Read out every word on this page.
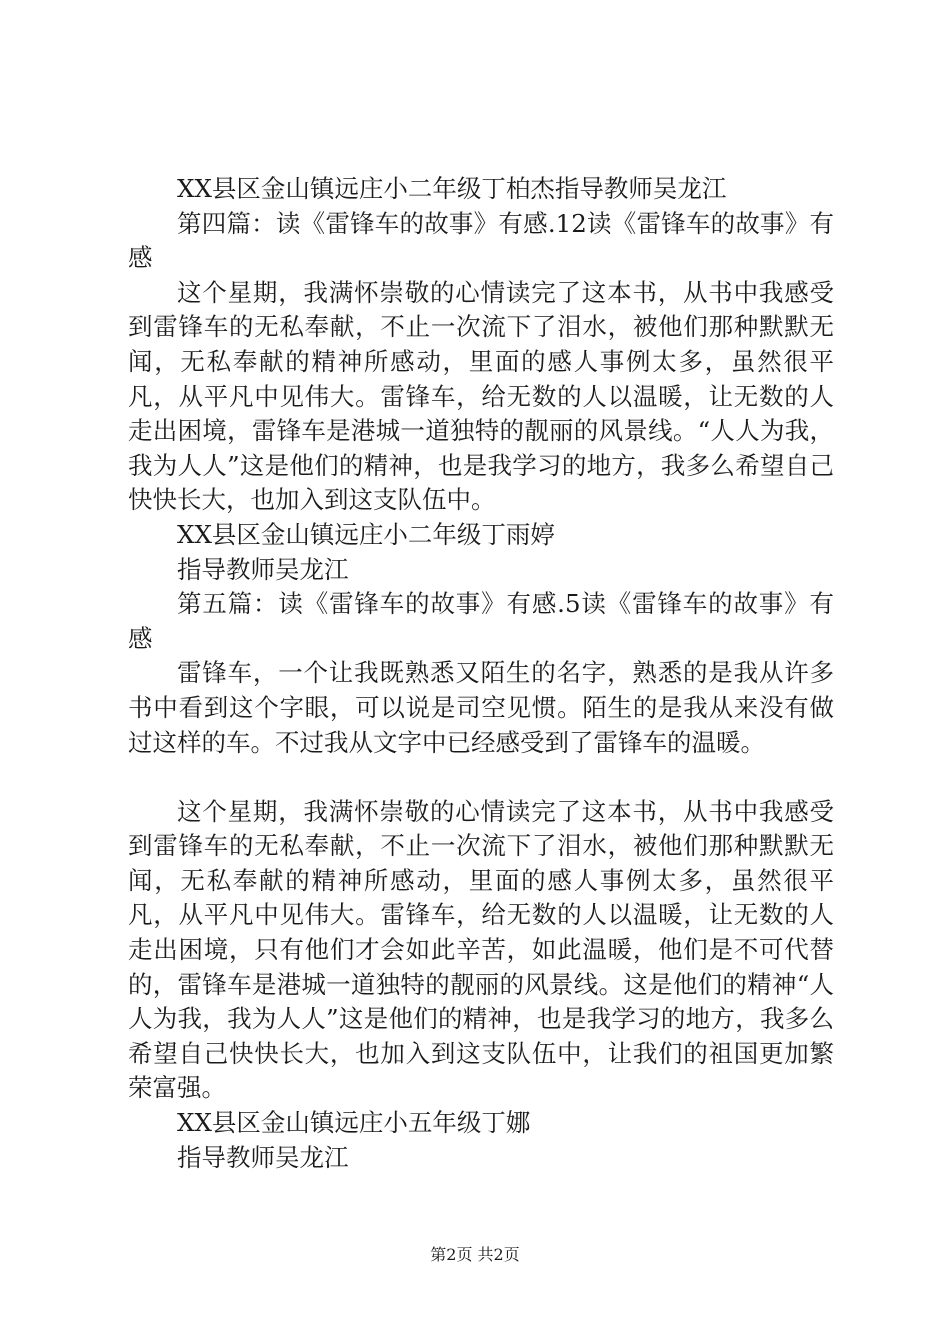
XX县区金山镇远庄小二年级丁柏杰指导教师吴龙江

第四篇：读《雷锋车的故事》有感.12读《雷锋车的故事》有感

这个星期，我满怀崇敬的心情读完了这本书，从书中我感受到雷锋车的无私奉献，不止一次流下了泪水，被他们那种默默无闻，无私奉献的精神所感动，里面的感人事例太多，虽然很平凡，从平凡中见伟大。雷锋车，给无数的人以温暖，让无数的人走出困境，雷锋车是港城一道独特的靓丽的风景线。“人人为我，我为人人”这是他们的精神，也是我学习的地方，我多么希望自己快快长大，也加入到这支队伍中。

XX县区金山镇远庄小二年级丁雨婷

指导教师吴龙江

第五篇：读《雷锋车的故事》有感.5读《雷锋车的故事》有感

雷锋车，一个让我既熟悉又陌生的名字，熟悉的是我从许多书中看到这个字眼，可以说是司空见惯。陌生的是我从来没有做过这样的车。不过我从文字中已经感受到了雷锋车的温暖。

这个星期，我满怀崇敬的心情读完了这本书，从书中我感受到雷锋车的无私奉献，不止一次流下了泪水，被他们那种默默无闻，无私奉献的精神所感动，里面的感人事例太多，虽然很平凡，从平凡中见伟大。雷锋车，给无数的人以温暖，让无数的人走出困境，只有他们才会如此辛苦，如此温暖，他们是不可代替的，雷锋车是港城一道独特的靓丽的风景线。这是他们的精神“人人为我，我为人人”这是他们的精神，也是我学习的地方，我多么希望自己快快长大，也加入到这支队伍中，让我们的祖国更加繁荣富强。

XX县区金山镇远庄小五年级丁娜

指导教师吴龙江

第2页 共2页
